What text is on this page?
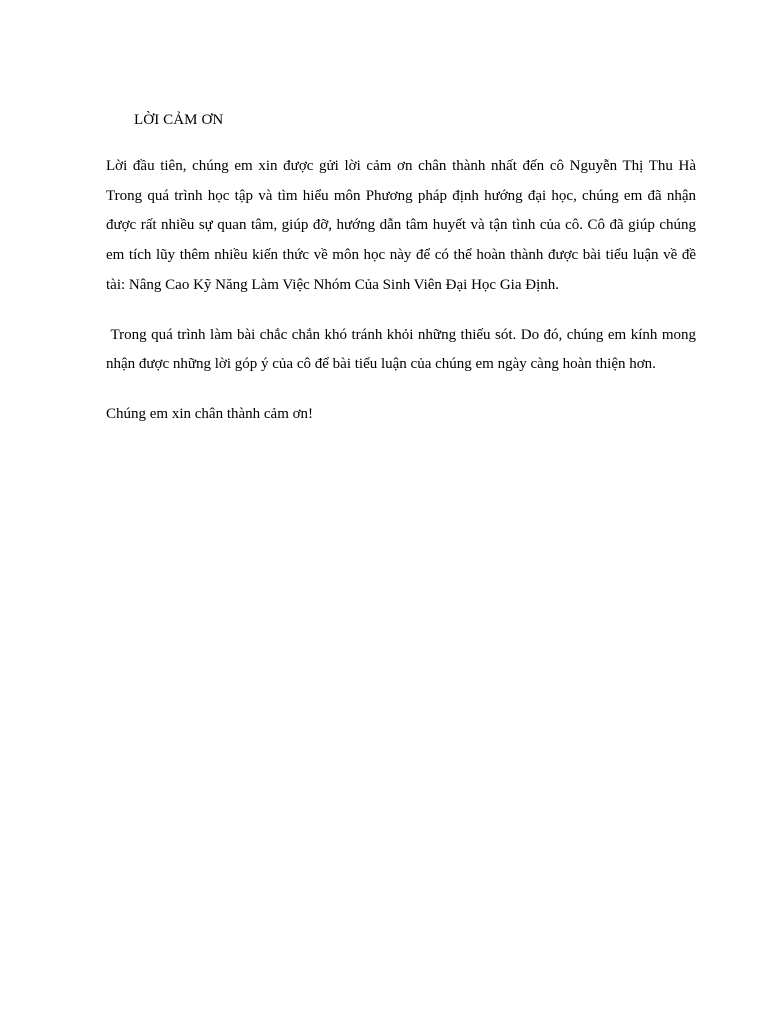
LỜI CẢM ƠN

Lời đầu tiên, chúng em xin được gửi lời cảm ơn chân thành nhất đến cô Nguyễn Thị Thu Hà Trong quá trình học tập và tìm hiểu môn Phương pháp định hướng đại học, chúng em đã nhận được rất nhiều sự quan tâm, giúp đỡ, hướng dẫn tâm huyết và tận tình của cô. Cô đã giúp chúng em tích lũy thêm nhiều kiến thức về môn học này để có thể hoàn thành được bài tiểu luận về đề tài: Nâng Cao Kỹ Năng Làm Việc Nhóm Của Sinh Viên Đại Học Gia Định.

Trong quá trình làm bài chắc chắn khó tránh khỏi những thiếu sót. Do đó, chúng em kính mong nhận được những lời góp ý của cô để bài tiểu luận của chúng em ngày càng hoàn thiện hơn.

Chúng em xin chân thành cảm ơn!
